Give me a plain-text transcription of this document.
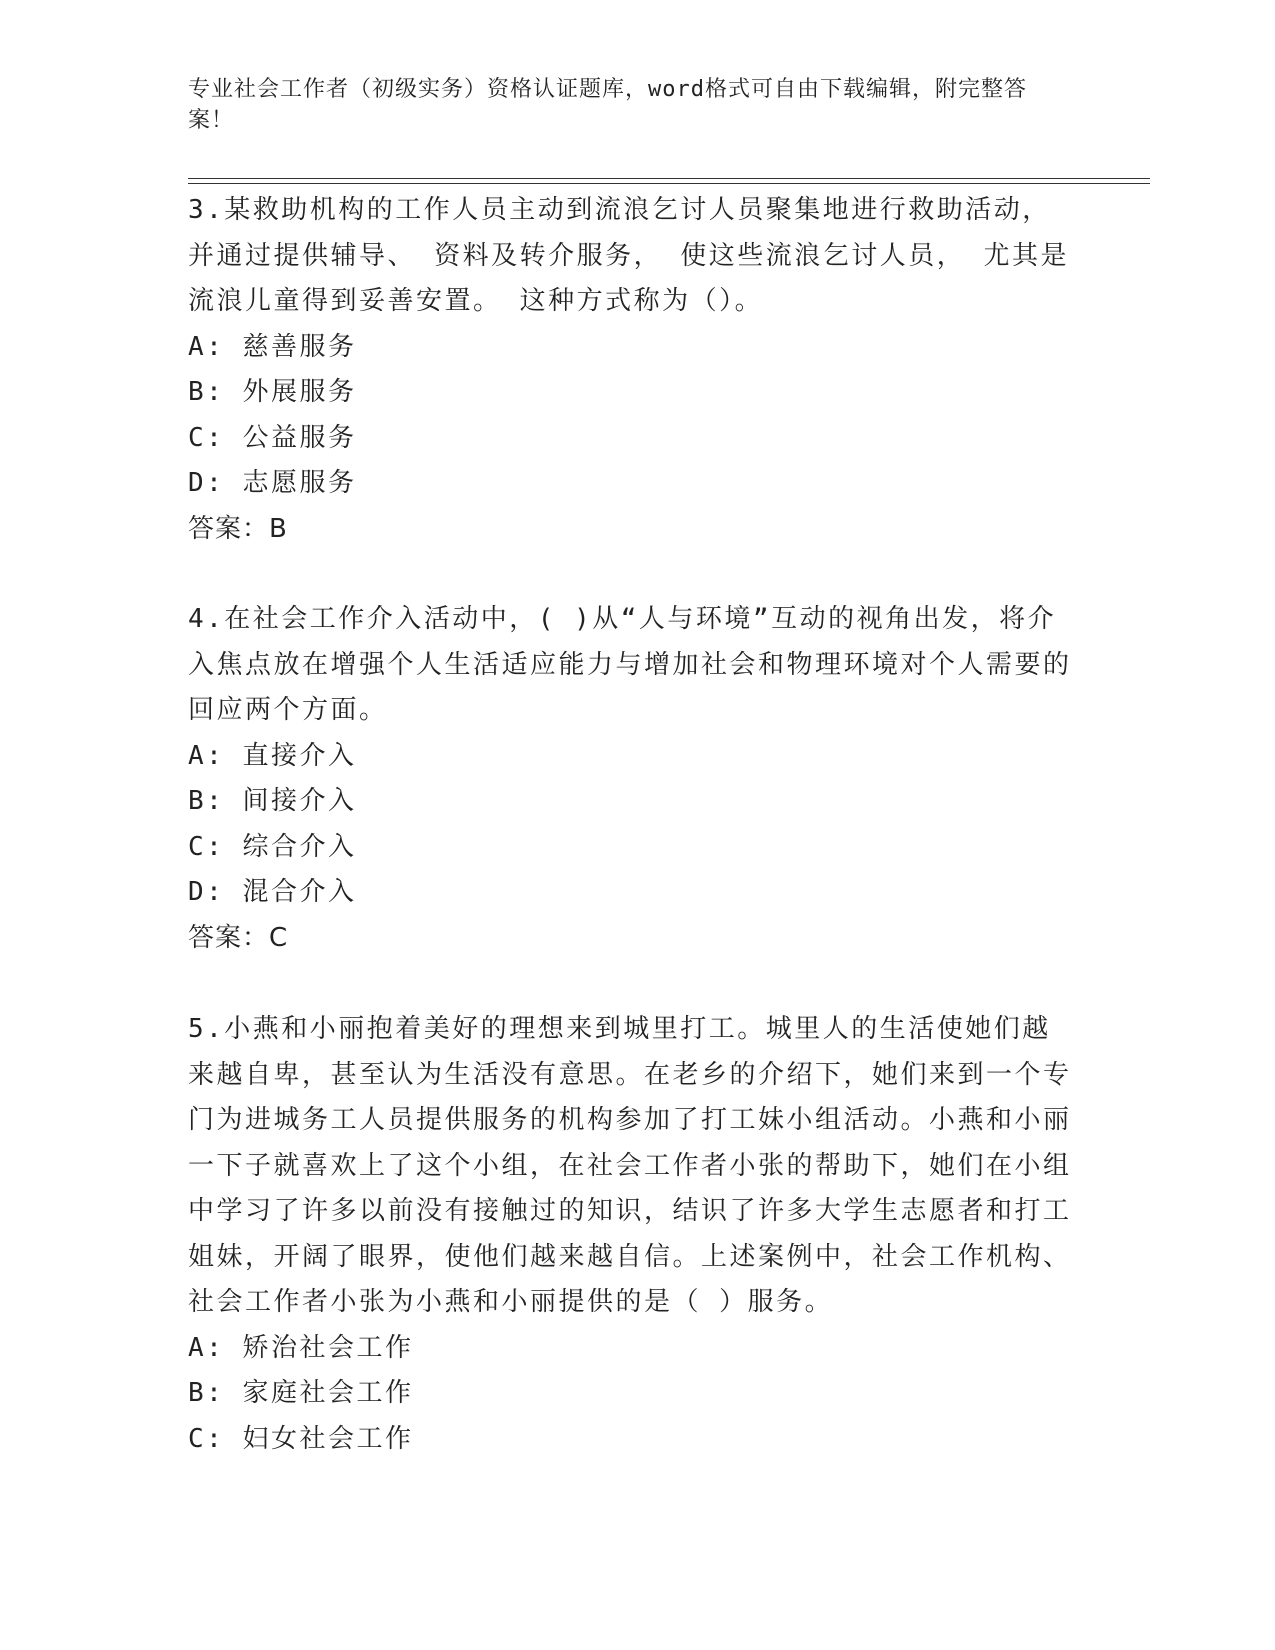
专业社会工作者（初级实务）资格认证题库，word格式可自由下载编辑，附完整答案！
3.某救助机构的工作人员主动到流浪乞讨人员聚集地进行救助活动，并通过提供辅导、 资料及转介服务， 使这些流浪乞讨人员， 尤其是流浪儿童得到妥善安置。 这种方式称为（）。
A: 慈善服务
B: 外展服务
C: 公益服务
D: 志愿服务
答案：B
4.在社会工作介入活动中，( )从“人与环境”互动的视角出发，将介入焦点放在增强个人生活适应能力与增加社会和物理环境对个人需要的回应两个方面。
A: 直接介入
B: 间接介入
C: 综合介入
D: 混合介入
答案：C
5.小燕和小丽抱着美好的理想来到城里打工。城里人的生活使她们越来越自卑，甚至认为生活没有意思。在老乡的介绍下，她们来到一个专门为进城务工人员提供服务的机构参加了打工妹小组活动。小燕和小丽一下子就喜欢上了这个小组，在社会工作者小张的帮助下，她们在小组中学习了许多以前没有接触过的知识，结识了许多大学生志愿者和打工姐妹，开阔了眼界，使他们越来越自信。上述案例中，社会工作机构、社会工作者小张为小燕和小丽提供的是（ ）服务。
A: 矫治社会工作
B: 家庭社会工作
C: 妇女社会工作
